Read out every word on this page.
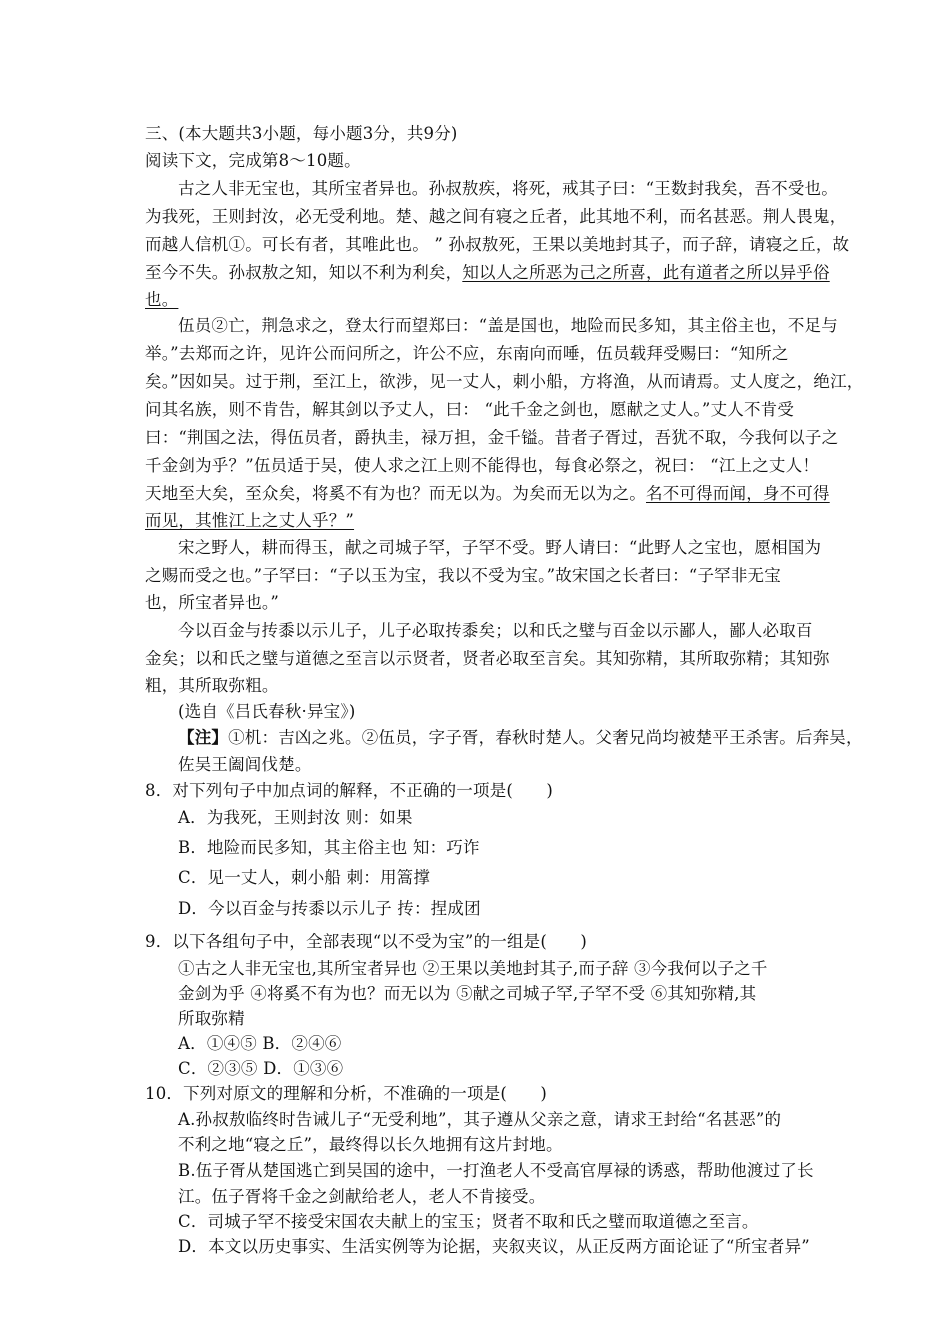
三、(本大题共3小题，每小题3分，共9分)
阅读下文，完成第8～10题。
古之人非无宝也，其所宝者异也。孙叔敖疾，将死，戒其子曰：“王数封我矣，吾不受也。
为我死，王则封汝，必无受利地。楚、越之间有寝之丘者，此其地不利，而名甚恶。荆人畏鬼，
而越人信机①。可长有者，其唯此也。 ” 孙叔敖死，王果以美地封其子，而子辞，请寝之丘，故
至今不失。孙叔敖之知，知以不利为利矣，知以人之所恶为己之所喜，此有道者之所以异乎俗
也。
伍员②亡，荆急求之，登太行而望郑曰：“盖是国也，地险而民多知，其主俗主也，不足与
举。”去郑而之许，见许公而问所之，许公不应，东南向而唾，伍员载拜受赐曰：“知所之
矣。”因如吴。过于荆，至江上，欲涉，见一丈人，刺小船，方将渔，从而请焉。丈人度之，绝江，
问其名族，则不肯告，解其剑以予丈人，曰： “此千金之剑也，愿献之丈人。”丈人不肯受
曰：“荆国之法，得伍员者，爵执圭，禄万担，金千镒。昔者子胥过，吾犹不取，今我何以子之
千金剑为乎？”伍员适于吴，使人求之江上则不能得也，每食必祭之，祝曰： “江上之丈人！
天地至大矣，至众矣，将奚不有为也？而无以为。为矣而无以为之。名不可得而闻，身不可得
而见，其惟江上之丈人乎？”
宋之野人，耕而得玉，献之司城子罕，子罕不受。野人请曰：“此野人之宝也，愿相国为
之赐而受之也。”子罕曰：“子以玉为宝，我以不受为宝。”故宋国之长者曰：“子罕非无宝
也，所宝者异也。”
今以百金与抟黍以示儿子，儿子必取抟黍矣；以和氏之璧与百金以示鄙人，鄙人必取百
金矣；以和氏之璧与道德之至言以示贤者，贤者必取至言矣。其知弥精，其所取弥精；其知弥
粗，其所取弥粗。
(选自《吕氏春秋·异宝》)
【注】①机：吉凶之兆。②伍员，字子胥，春秋时楚人。父奢兄尚均被楚平王杀害。后奔吴，
佐吴王阖闾伐楚。
8．对下列句子中加点词的解释，不正确的一项是(　　)
A．为我死，王则封汝 则：如果
B．地险而民多知，其主俗主也 知：巧诈
C．见一丈人，刺小船 刺：用篙撑
D．今以百金与抟黍以示儿子 抟：捏成团
9．以下各组句子中，全部表现“以不受为宝”的一组是(　　)
①古之人非无宝也,其所宝者异也 ②王果以美地封其子,而子辞 ③今我何以子之千
金剑为乎 ④将奚不有为也？而无以为 ⑤献之司城子罕,子罕不受 ⑥其知弥精,其
所取弥精
A．①④⑤ B．②④⑥
C．②③⑤ D．①③⑥
10．下列对原文的理解和分析，不准确的一项是(　　)
A.孙叔敖临终时告诫儿子“无受利地”，其子遵从父亲之意，请求王封给“名甚恶”的
不利之地“寝之丘”，最终得以长久地拥有这片封地。
B.伍子胥从楚国逃亡到吴国的途中，一打渔老人不受高官厚禄的诱惑，帮助他渡过了长
江。伍子胥将千金之剑献给老人，老人不肯接受。
C．司城子罕不接受宋国农夫献上的宝玉；贤者不取和氏之璧而取道德之至言。
D．本文以历史事实、生活实例等为论据，夹叙夹议，从正反两方面论证了“所宝者异”
